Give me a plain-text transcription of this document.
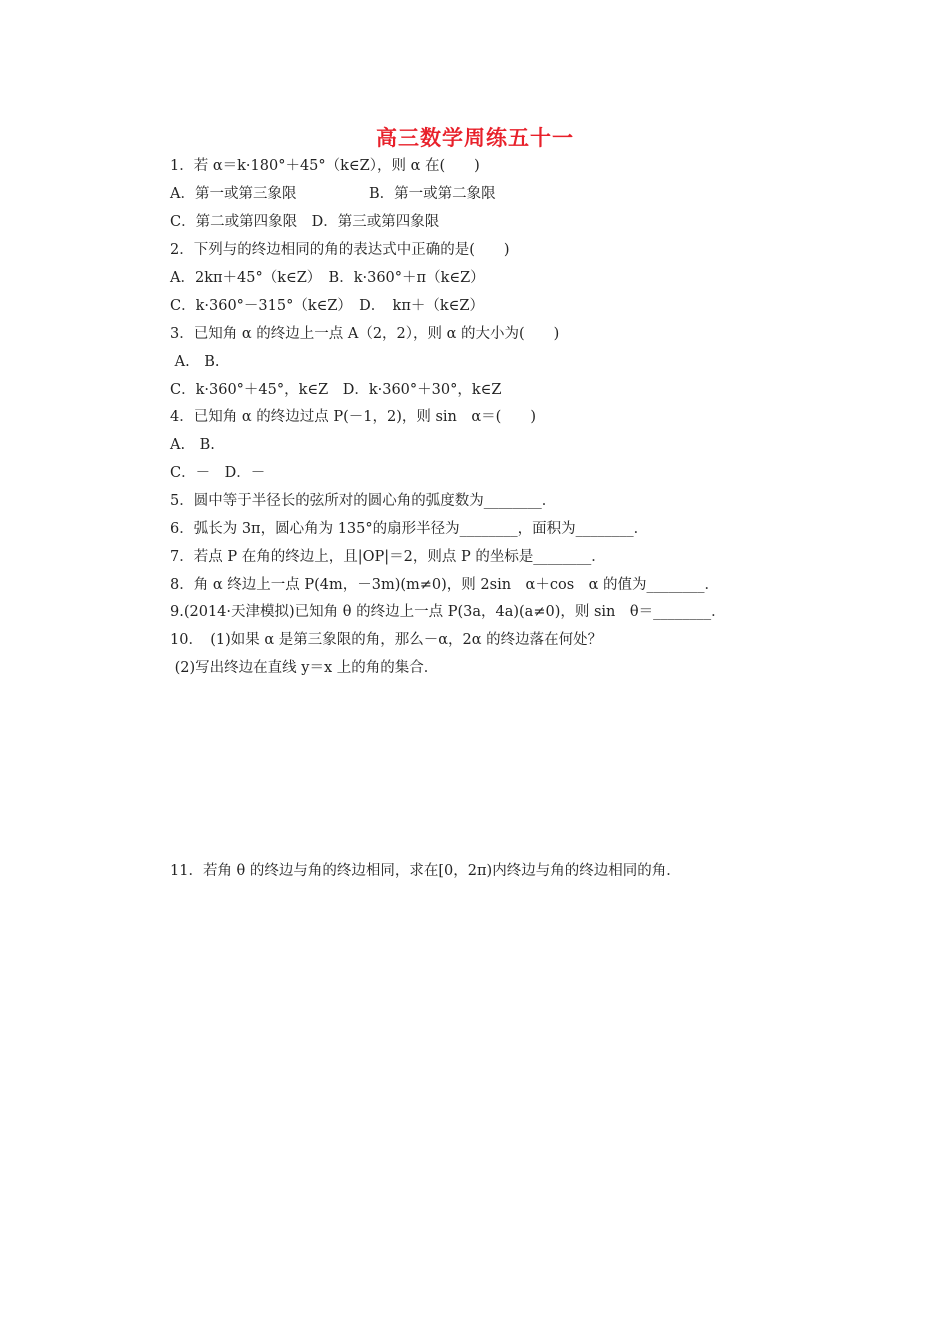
高三数学周练五十一
1．若 α＝k·180°＋45°（k∈Z），则 α 在(　　)
A．第一或第三象限　　　　　B．第一或第二象限
C．第二或第四象限　D．第三或第四象限
2．下列与的终边相同的角的表达式中正确的是(　　)
A．2kπ＋45°（k∈Z）　B．k·360°＋π（k∈Z）
C．k·360°－315°（k∈Z）　D．　kπ＋（k∈Z）
3．已知角 α 的终边上一点 A（2，2），则 α 的大小为(　　)
A.　B.
C．k·360°＋45°，k∈Z　D．k·360°＋30°，k∈Z
4．已知角 α 的终边过点 P(－1，2)，则 sin　α＝(　　)
A.　B.
C．－　D．－
5．圆中等于半径长的弦所对的圆心角的弧度数为________．
6．弧长为 3π，圆心角为 135°的扇形半径为________，面积为________．
7．若点 P 在角的终边上，且|OP|＝2，则点 P 的坐标是________．
8．角 α 终边上一点 P(4m，－3m)(m≠0)，则 2sin　α＋cos　α 的值为________．
9.(2014·天津模拟)已知角 θ 的终边上一点 P(3a，4a)(a≠0)，则 sin　θ＝________．
10．　(1)如果 α 是第三象限的角，那么－α，2α 的终边落在何处？
(2)写出终边在直线 y＝x 上的角的集合．
11．若角 θ 的终边与角的终边相同，求在[0，2π)内终边与角的终边相同的角．
